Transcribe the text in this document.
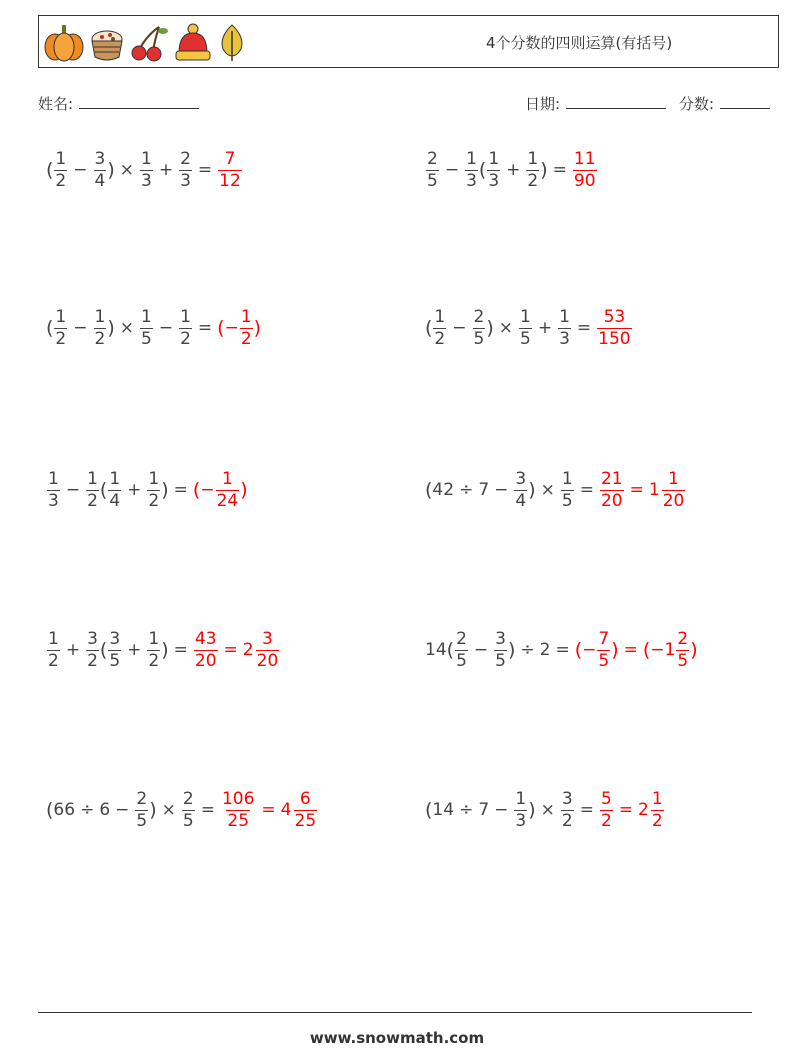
4个分数的四则运算(有括号)
姓名:	日期:	分数:
( $\frac{1}{2} - \frac{3}{4}$ ) × $\frac{1}{3} + \frac{2}{3} = \frac{7}{12}$	$\frac{2}{5} - \frac{1}{3}$ ( $\frac{1}{3} + \frac{1}{2}$ ) = $\frac{11}{90}$
( $\frac{1}{2} - \frac{1}{2}$ ) × $\frac{1}{5} - \frac{1}{2}$ = ( − $\frac{1}{2}$ )	( $\frac{1}{2} - \frac{2}{5}$ ) × $\frac{1}{5} + \frac{1}{3} = \frac{53}{150}$
$\frac{1}{3} - \frac{1}{2}$ ( $\frac{1}{4} + \frac{1}{2}$ ) = ( − $\frac{1}{24}$ )	( $42 \div 7 - \frac{3}{4}$ ) × $\frac{1}{5} = \frac{21}{20} = 1 \frac{1}{20}$
$\frac{1}{2} + \frac{3}{2}$ ( $\frac{3}{5} + \frac{1}{2}$ ) = $\frac{43}{20} = 2 \frac{3}{20}$	14 ( $\frac{2}{5} - \frac{3}{5}$ ) ÷ 2 = ( − $\frac{7}{5}$ ) = ( $-1 \frac{2}{5}$ )
( $66 \div 6 - \frac{2}{5}$ ) × $\frac{2}{5} = \frac{106}{25} = 4 \frac{6}{25}$	( $14 \div 7 - \frac{1}{3}$ ) × $\frac{3}{2} = \frac{5}{2} = 2 \frac{1}{2}$
www.snowmath.com
